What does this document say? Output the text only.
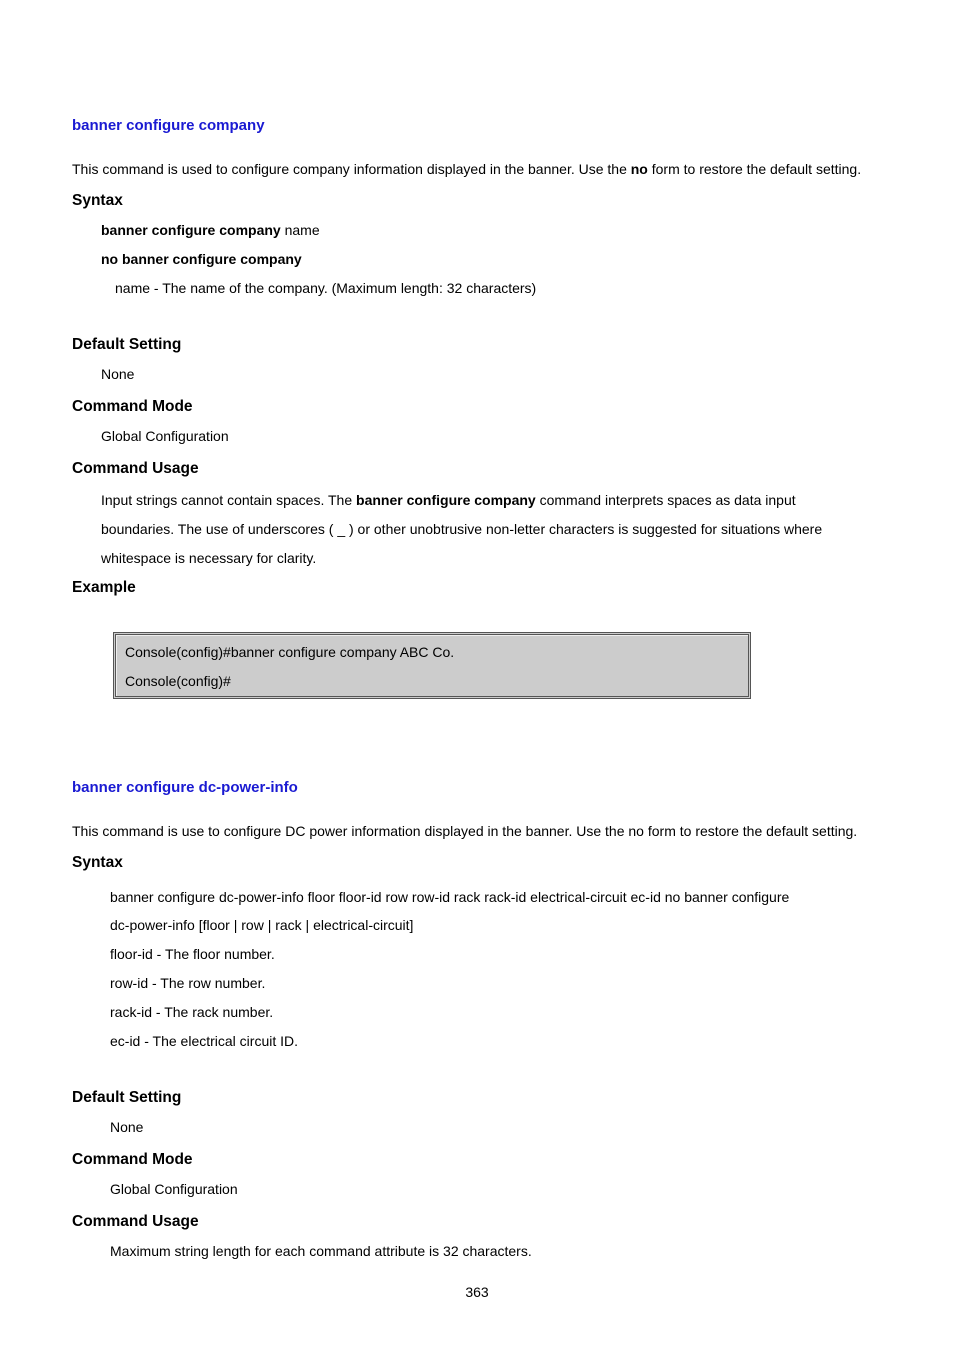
banner configure company
This command is used to configure company information displayed in the banner. Use the no form to restore the default setting.
Syntax
banner configure company name
no banner configure company
name - The name of the company. (Maximum length: 32 characters)
Default Setting
None
Command Mode
Global Configuration
Command Usage
Input strings cannot contain spaces. The banner configure company command interprets spaces as data input
boundaries. The use of underscores ( _ ) or other unobtrusive non-letter characters is suggested for situations where
whitespace is necessary for clarity.
Example
Console(config)#banner configure company ABC Co.
Console(config)#
banner configure dc-power-info
This command is use to configure DC power information displayed in the banner. Use the no form to restore the default setting.
Syntax
banner configure dc-power-info floor floor-id row row-id rack rack-id electrical-circuit ec-id no banner configure
dc-power-info [floor | row | rack | electrical-circuit]
floor-id - The floor number.
row-id - The row number.
rack-id - The rack number.
ec-id - The electrical circuit ID.
Default Setting
None
Command Mode
Global Configuration
Command Usage
Maximum string length for each command attribute is 32 characters.
363
